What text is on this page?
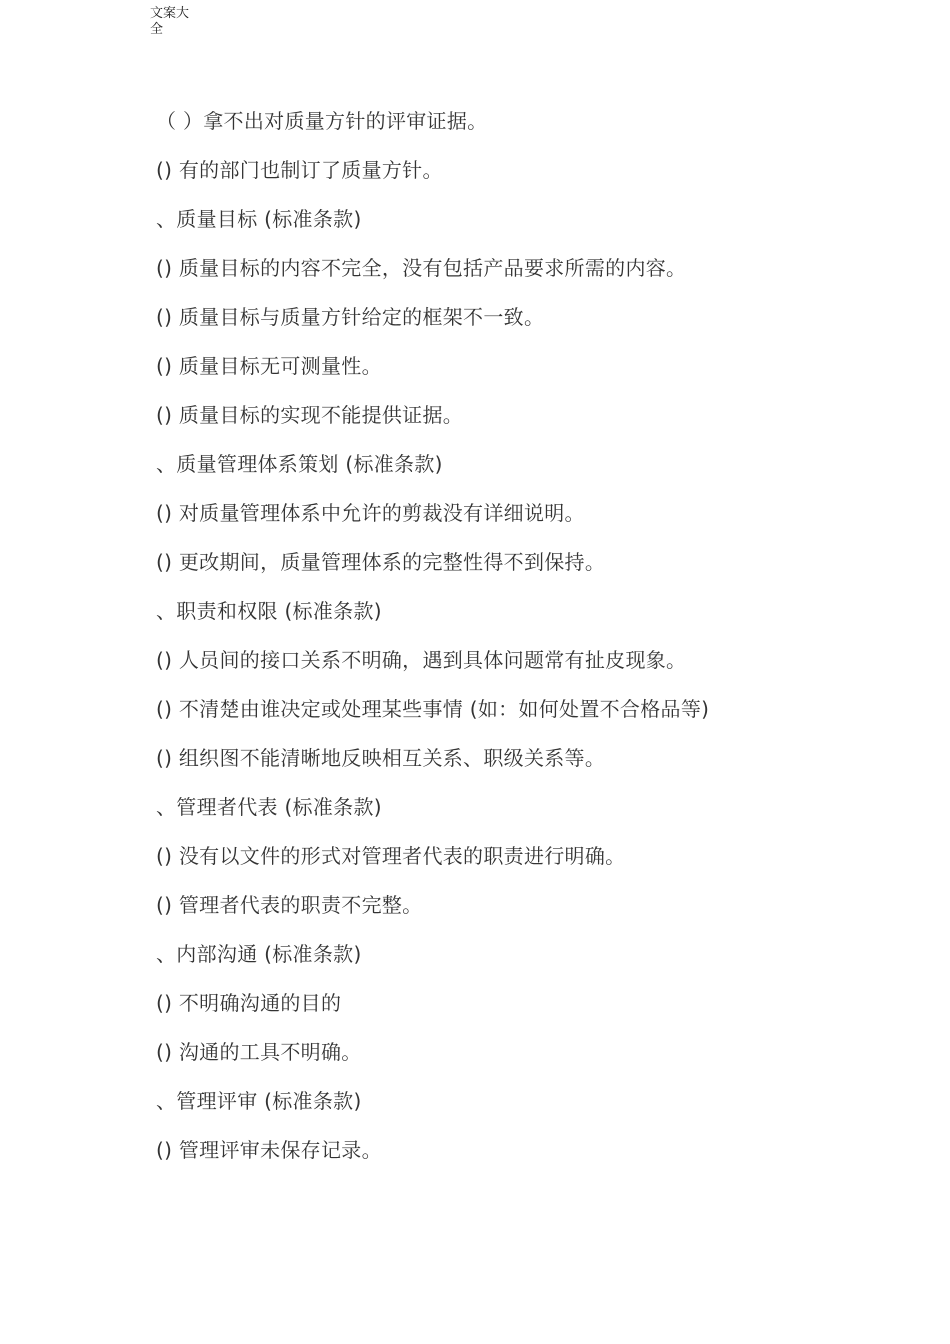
文案大全
（ ）拿不出对质量方针的评审证据。
() 有的部门也制订了质量方针。
、质量目标 (标准条款)
() 质量目标的内容不完全，没有包括产品要求所需的内容。
() 质量目标与质量方针给定的框架不一致。
() 质量目标无可测量性。
() 质量目标的实现不能提供证据。
、质量管理体系策划 (标准条款)
() 对质量管理体系中允许的剪裁没有详细说明。
() 更改期间，质量管理体系的完整性得不到保持。
、职责和权限 (标准条款)
() 人员间的接口关系不明确，遇到具体问题常有扯皮现象。
() 不清楚由谁决定或处理某些事情 (如：如何处置不合格品等)
() 组织图不能清晰地反映相互关系、职级关系等。
、管理者代表 (标准条款)
() 没有以文件的形式对管理者代表的职责进行明确。
() 管理者代表的职责不完整。
、内部沟通 (标准条款)
() 不明确沟通的目的
() 沟通的工具不明确。
、管理评审 (标准条款)
() 管理评审未保存记录。
